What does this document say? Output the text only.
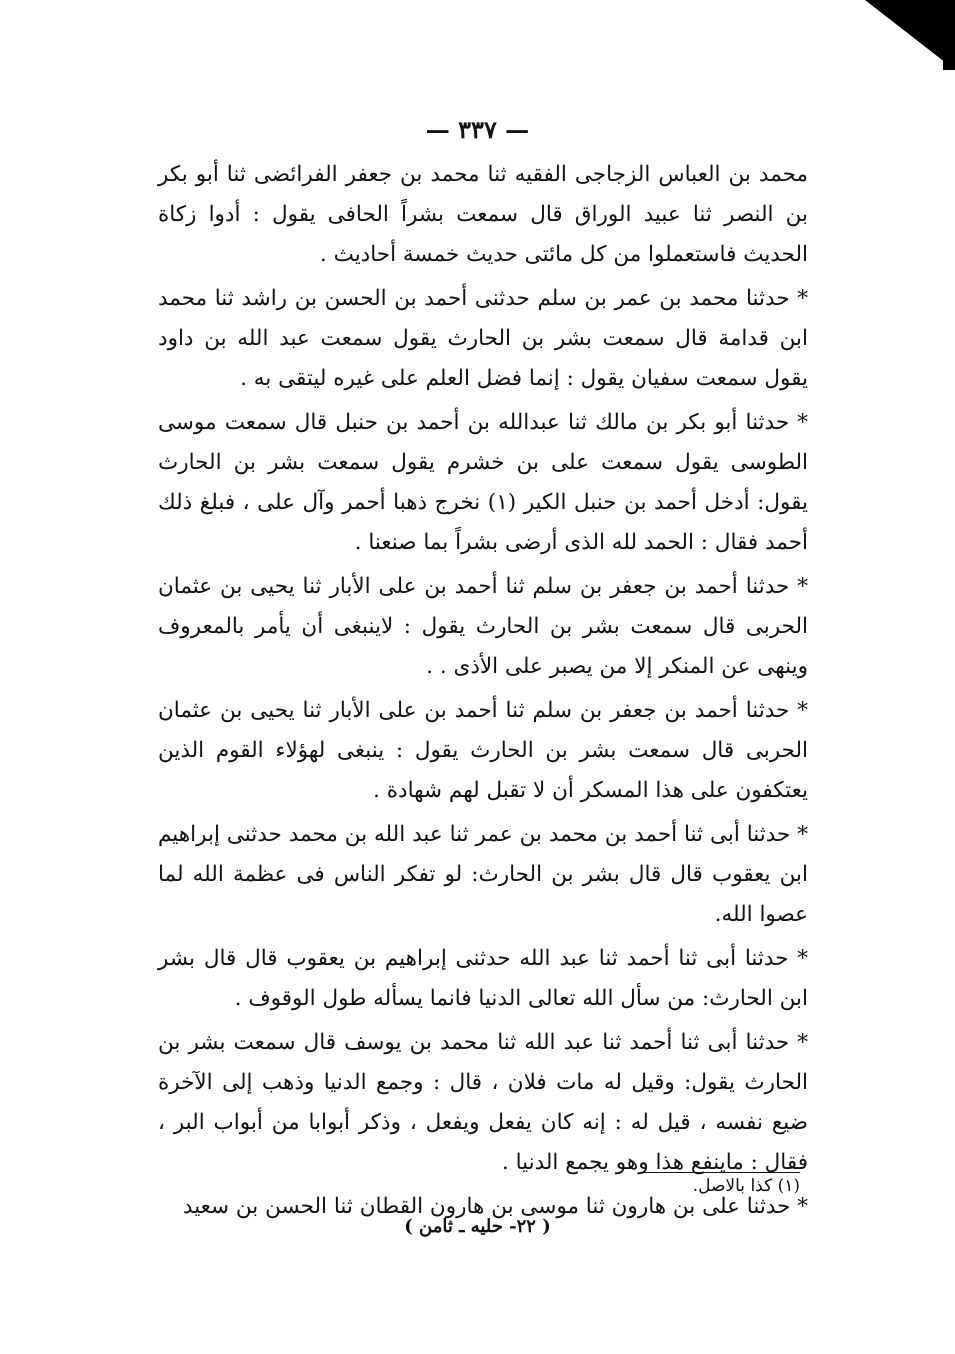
— ٣٣٧ —

محمد بن العباس الزجاجى الفقيه ثنا محمد بن جعفر الفرائضى ثنا أبو بكر بن النصر ثنا عبيد الوراق قال سمعت بشراً الحافى يقول : أدوا زكاة الحديث فاستعملوا من كل مائتى حديث خمسة أحاديث .

* حدثنا محمد بن عمر بن سلم حدثنى أحمد بن الحسن بن راشد ثنا محمد ابن قدامة قال سمعت بشر بن الحارث يقول سمعت عبد الله بن داود يقول سمعت سفيان يقول : إنما فضل العلم على غيره ليتقى به .

* حدثنا أبو بكر بن مالك ثنا عبدالله بن أحمد بن حنبل قال سمعت موسى الطوسى يقول سمعت على بن خشرم يقول سمعت بشر بن الحارث يقول: أدخل أحمد بن حنبل الكير (١) نخرج ذهبا أحمر وآل على ، فبلغ ذلك أحمد فقال : الحمد لله الذى أرضى بشراً بما صنعنا .

* حدثنا أحمد بن جعفر بن سلم ثنا أحمد بن على الأبار ثنا يحيى بن عثمان الحربى قال سمعت بشر بن الحارث يقول : لاينبغى أن يأمر بالمعروف وينهى عن المنكر إلا من يصبر على الأذى . .

* حدثنا أحمد بن جعفر بن سلم ثنا أحمد بن على الأبار ثنا يحيى بن عثمان الحربى قال سمعت بشر بن الحارث يقول : ينبغى لهؤلاء القوم الذين يعتكفون على هذا المسكر أن لا تقبل لهم شهادة .

* حدثنا أبى ثنا أحمد بن محمد بن عمر ثنا عبد الله بن محمد حدثنى إبراهيم ابن يعقوب قال قال بشر بن الحارث: لو تفكر الناس فى عظمة الله لما عصوا الله.

* حدثنا أبى ثنا أحمد ثنا عبد الله حدثنى إبراهيم بن يعقوب قال قال بشر ابن الحارث: من سأل الله تعالى الدنيا فانما يسأله طول الوقوف .

* حدثنا أبى ثنا أحمد ثنا عبد الله ثنا محمد بن يوسف قال سمعت بشر بن الحارث يقول: وقيل له مات فلان ، قال : وجمع الدنيا وذهب إلى الآخرة ضيع نفسه ، قيل له : إنه كان يفعل ويفعل ، وذكر أبوابا من أبواب البر ، فقال : ماينفع هذا وهو يجمع الدنيا .

* حدثنا على بن هارون ثنا موسى بن هارون القطان ثنا الحسن بن سعيد

(١) كذا بالاصل.
( ٢٢- حليه ـ ثامن )
